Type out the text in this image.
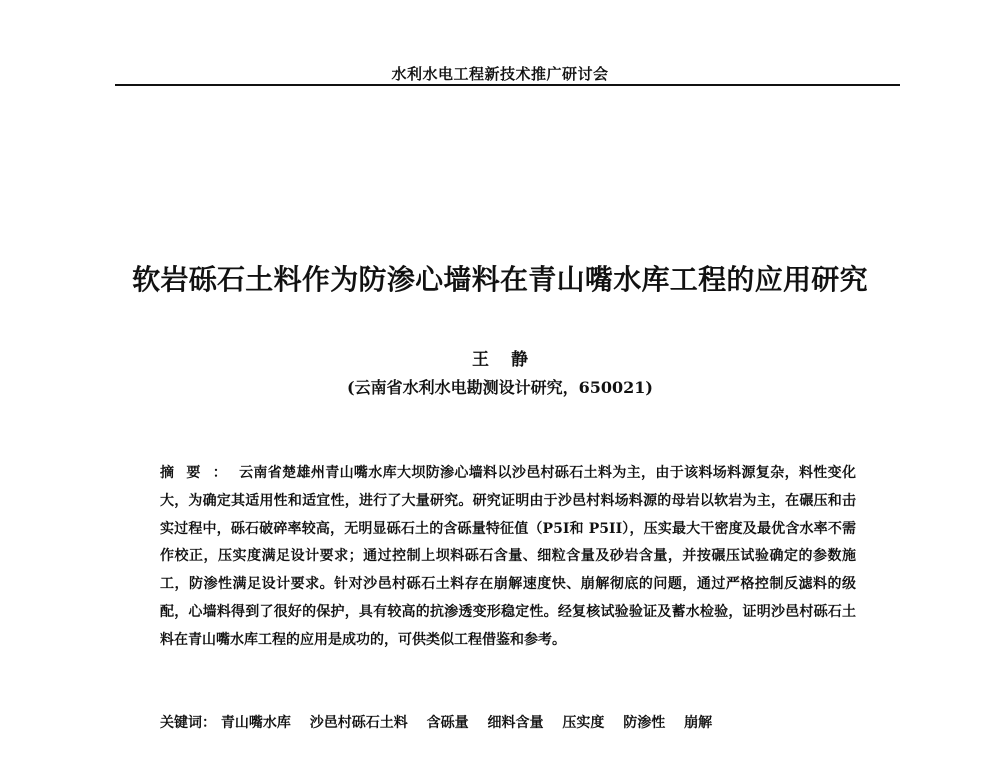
水利水电工程新技术推广研讨会
软岩砾石土料作为防渗心墙料在青山嘴水库工程的应用研究
王静
(云南省水利水电勘测设计研究，650021)
摘要：云南省楚雄州青山嘴水库大坝防渗心墙料以沙邑村砾石土料为主，由于该料场料源复杂，料性变化大，为确定其适用性和适宜性，进行了大量研究。研究证明由于沙邑村料场料源的母岩以软岩为主，在碾压和击实过程中，砾石破碎率较高，无明显砾石土的含砾量特征值（P5I和 P5II），压实最大干密度及最优含水率不需作校正，压实度满足设计要求；通过控制上坝料砾石含量、细粒含量及砂岩含量，并按碾压试验确定的参数施工，防渗性满足设计要求。针对沙邑村砾石土料存在崩解速度快、崩解彻底的问题，通过严格控制反滤料的级配，心墙料得到了很好的保护，具有较高的抗渗透变形稳定性。经复核试验验证及蓄水检验，证明沙邑村砾石土料在青山嘴水库工程的应用是成功的，可供类似工程借鉴和参考。
关键词： 青山嘴水库 沙邑村砾石土料 含砾量 细料含量 压实度 防渗性 崩解
